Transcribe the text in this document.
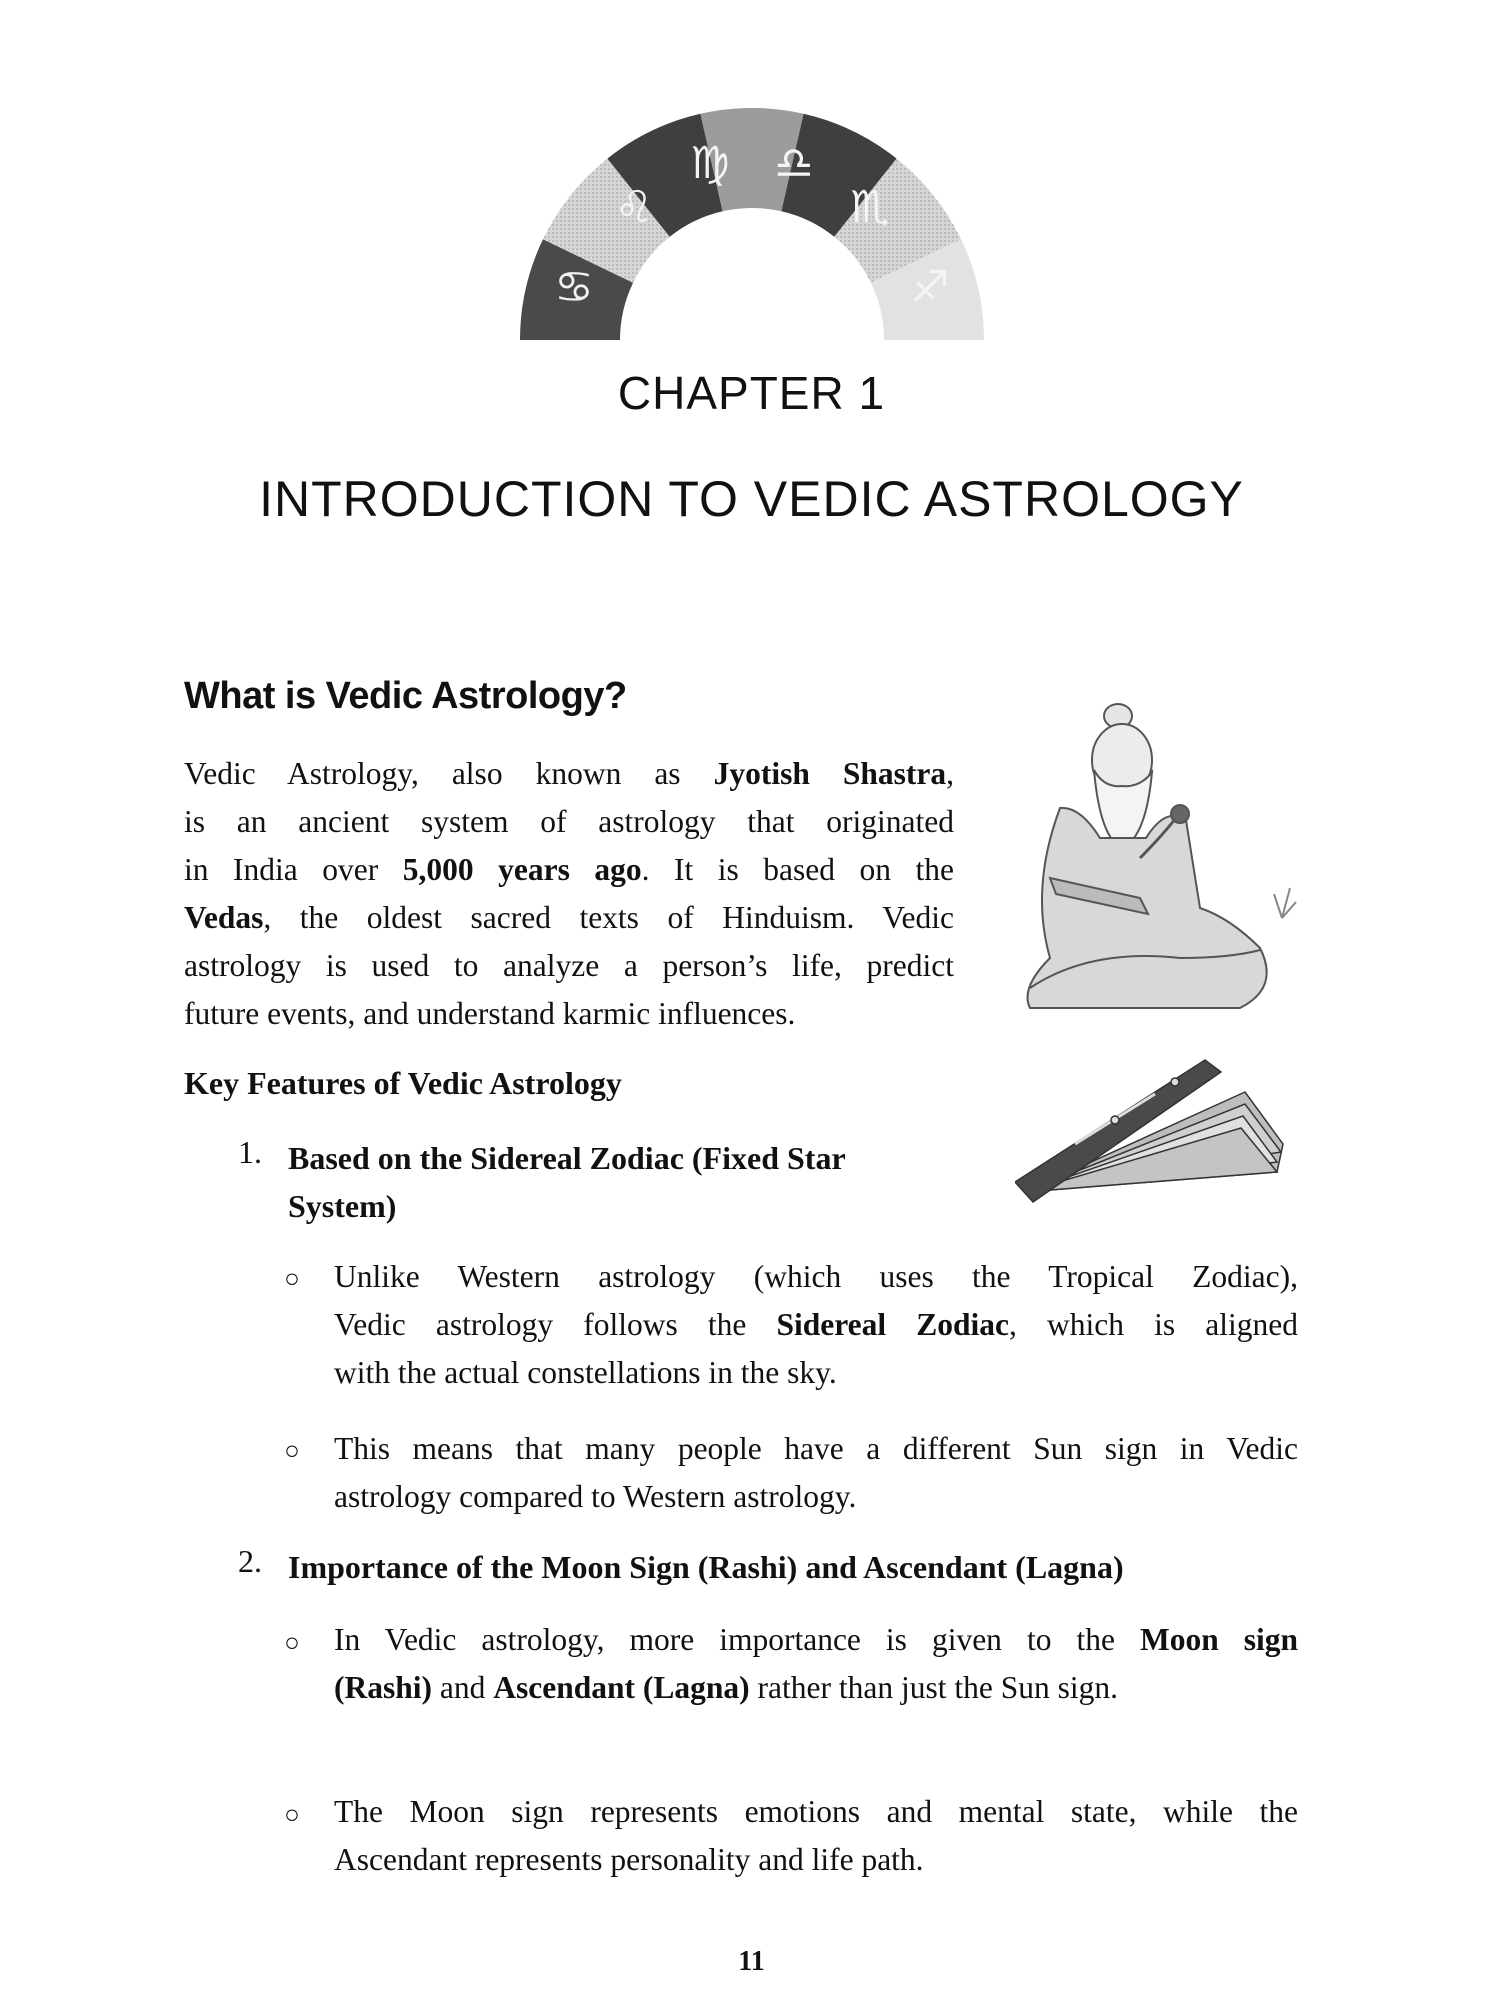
♋
♌
♍ ♎
♏
♐
CHAPTER 1
INTRODUCTION TO VEDIC ASTROLOGY
What is Vedic Astrology?
Vedic Astrology, also known as Jyotish Shastra,
is an ancient system of astrology that originated
in India over 5,000 years ago. It is based on the
Vedas, the oldest sacred texts of Hinduism. Vedic
astrology is used to analyze a person’s life, predict
future events, and understand karmic influences.
Key Features of Vedic Astrology
1. Based on the Sidereal Zodiac (Fixed Star
System)
○ Unlike Western astrology (which uses the Tropical Zodiac),
Vedic astrology follows the Sidereal Zodiac, which is aligned
with the actual constellations in the sky.
○ This means that many people have a different Sun sign in Vedic
astrology compared to Western astrology.
2. Importance of the Moon Sign (Rashi) and Ascendant (Lagna)
○ In Vedic astrology, more importance is given to the Moon sign
(Rashi) and Ascendant (Lagna) rather than just the Sun sign.
○ The Moon sign represents emotions and mental state, while the
Ascendant represents personality and life path.
11
